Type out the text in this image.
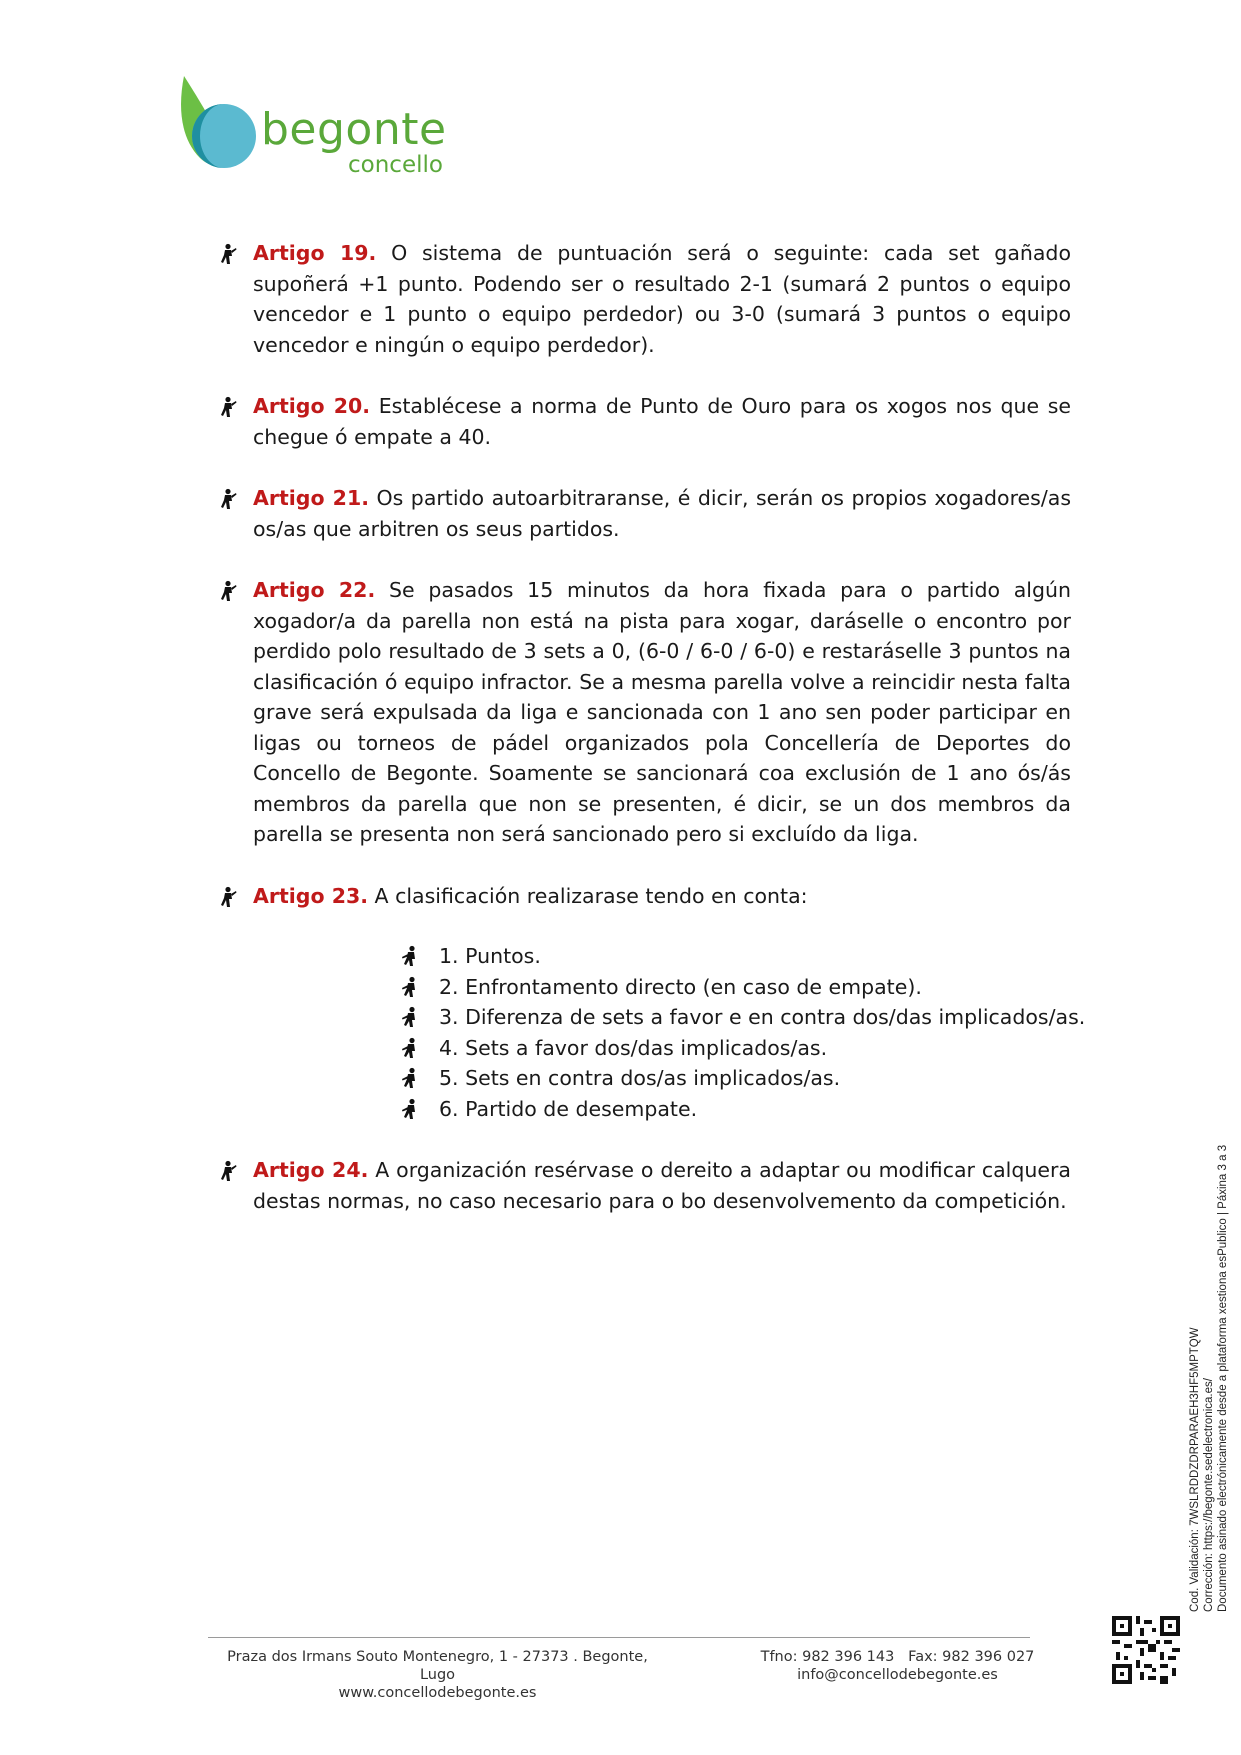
begonte
concello

Artigo 19. O sistema de puntuación será o seguinte: cada set gañado supoñerá +1 punto. Podendo ser o resultado 2-1 (sumará 2 puntos o equipo vencedor e 1 punto o equipo perdedor) ou 3-0 (sumará 3 puntos o equipo vencedor e ningún o equipo perdedor).

Artigo 20. Establécese a norma de Punto de Ouro para os xogos nos que se chegue ó empate a 40.

Artigo 21. Os partido autoarbitraranse, é dicir, serán os propios xogadores/as os/as que arbitren os seus partidos.

Artigo 22. Se pasados 15 minutos da hora fixada para o partido algún xogador/a da parella non está na pista para xogar, daráselle o encontro por perdido polo resultado de 3 sets a 0, (6-0 / 6-0 / 6-0) e restaráselle 3 puntos na clasificación ó equipo infractor. Se a mesma parella volve a reincidir nesta falta grave será expulsada da liga e sancionada con 1 ano sen poder participar en ligas ou torneos de pádel organizados pola Concellería de Deportes do Concello de Begonte. Soamente se sancionará coa exclusión de 1 ano ós/ás membros da parella que non se presenten, é dicir, se un dos membros da parella se presenta non será sancionado pero si excluído da liga.

Artigo 23. A clasificación realizarase tendo en conta:

1. Puntos.
2. Enfrontamento directo (en caso de empate).
3. Diferenza de sets a favor e en contra dos/das implicados/as.
4. Sets a favor dos/das implicados/as.
5. Sets en contra dos/as implicados/as.
6. Partido de desempate.

Artigo 24. A organización resérvase o dereito a adaptar ou modificar calquera destas normas, no caso necesario para o bo desenvolvemento da competición.

Praza dos Irmans Souto Montenegro, 1 - 27373 . Begonte, Lugo
www.concellodebegonte.es
Tfno: 982 396 143   Fax: 982 396 027
info@concellodebegonte.es
Cod. Validación: 7WSLRDDZDRPARAEH3HF5MPTQW Corrección: https://begonte.sedelectronica.es/ Documento asinado electrónicamente desde a plataforma xestiona esPublico | Páxina 3 a 3
